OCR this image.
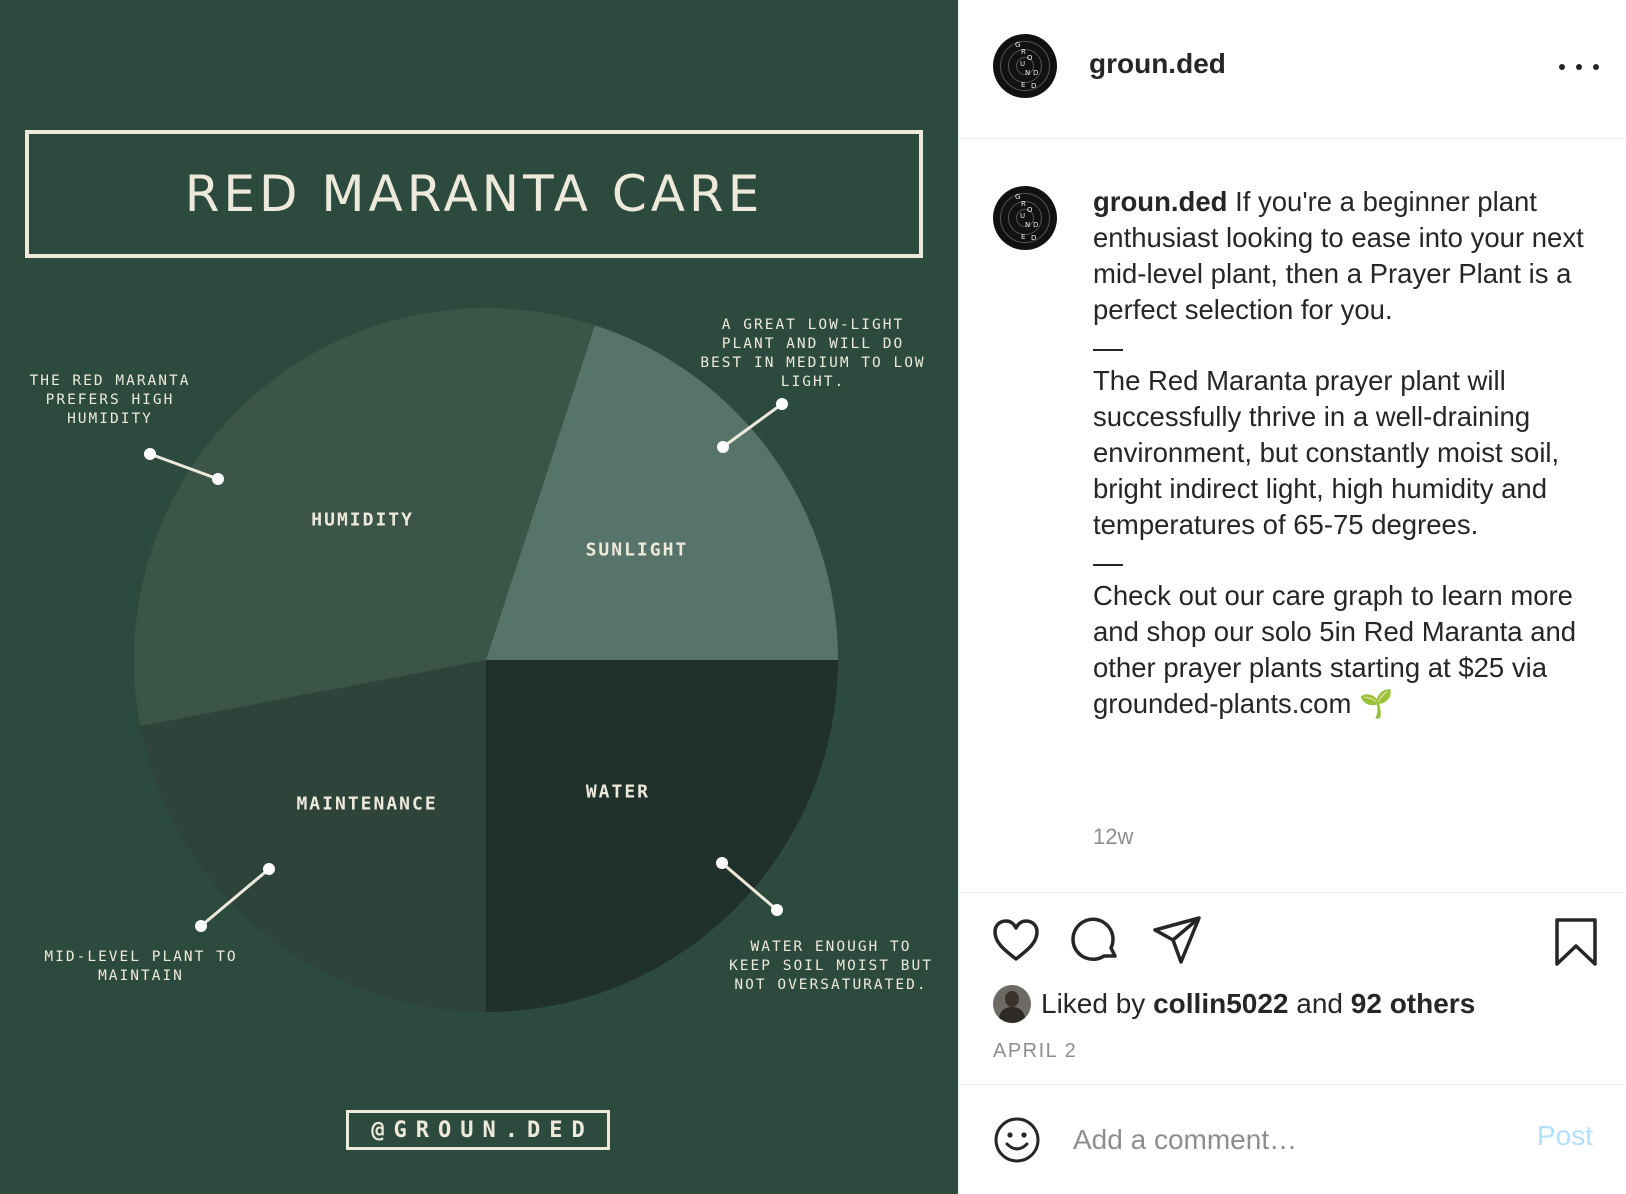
RED MARANTA CARE
THE RED MARANTA
PREFERS HIGH
HUMIDITY
A GREAT LOW-LIGHT
PLANT AND WILL DO
BEST IN MEDIUM TO LOW
LIGHT.
MID-LEVEL PLANT TO
MAINTAIN
WATER ENOUGH TO
KEEP SOIL MOIST BUT
NOT OVERSATURATED.
@GROUN.DED
SUNLIGHT
WATER
MAINTENANCE
HUMIDITY
G
R
O
U
N D
E D
groun.ded
G
R
O
U
N D
E D
groun.ded If you're a beginner plant enthusiast looking to ease into your next mid-level plant, then a Prayer Plant is a perfect selection for you.
The Red Maranta prayer plant will successfully thrive in a well-draining environment, but constantly moist soil, bright indirect light, high humidity and temperatures of 65-75 degrees.
Check out our care graph to learn more and shop our solo 5in Red Maranta and other prayer plants starting at $25 via grounded-plants.com 🌱
12w
Liked by
collin5022
and
92 others
APRIL 2
Add a comment…
Post
